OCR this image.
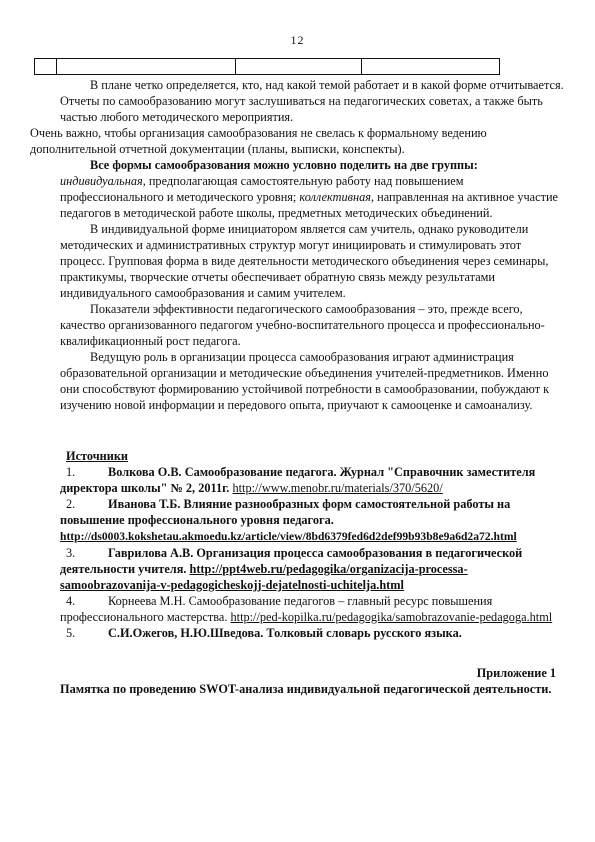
12

В плане четко определяется, кто, над какой темой работает и в какой форме отчитывается. Отчеты по самообразованию могут заслушиваться на педагогических советах, а также быть частью любого методического мероприятия.

Очень важно, чтобы организация самообразования не свелась к формальному ведению дополнительной отчетной документации (планы, выписки, конспекты).

Все формы самообразования можно условно поделить на две группы: индивидуальная, предполагающая самостоятельную работу над повышением профессионального и методического уровня; коллективная, направленная на активное участие педагогов в методической работе школы, предметных методических объединений.

В индивидуальной форме инициатором является сам учитель, однако руководители методических и административных структур могут инициировать и стимулировать этот процесс. Групповая форма в виде деятельности методического объединения через семинары, практикумы, творческие отчеты обеспечивает обратную связь между результатами индивидуального самообразования и самим учителем.

Показатели эффективности педагогического самообразования – это, прежде всего, качество организованного педагогом учебно-воспитательного процесса и профессионально-квалификационный рост педагога.

Ведущую роль в организации процесса самообразования играют администрация образовательной организации и методические объединения учителей-предметников. Именно они способствуют формированию устойчивой потребности в самообразовании, побуждают к изучению новой информации и передового опыта, приучают к самооценке и самоанализу.

Источники

1.	Волкова О.В. Самообразование педагога. Журнал "Справочник заместителя директора школы" № 2, 2011г. http://www.menobr.ru/materials/370/5620/

2.	Иванова Т.Б. Влияние разнообразных форм самостоятельной работы на повышение профессионального уровня педагога. http://ds0003.kokshetau.akmoedu.kz/article/view/8bd6379fed6d2def99b93b8e9a6d2a72.html

3.	Гаврилова А.В. Организация процесса самообразования в педагогической деятельности учителя. http://ppt4web.ru/pedagogika/organizacija-processa-samoobrazovanija-v-pedagogicheskojj-dejatelnosti-uchitelja.html

4.	Корнеева М.Н. Самообразование педагогов – главный ресурс повышения профессионального мастерства. http://ped-kopilka.ru/pedagogika/samobrazovanie-pedagoga.html

5.	С.И.Ожегов, Н.Ю.Шведова. Толковый словарь русского языка.

Приложение 1

Памятка по проведению SWOT-анализа индивидуальной педагогической деятельности.
